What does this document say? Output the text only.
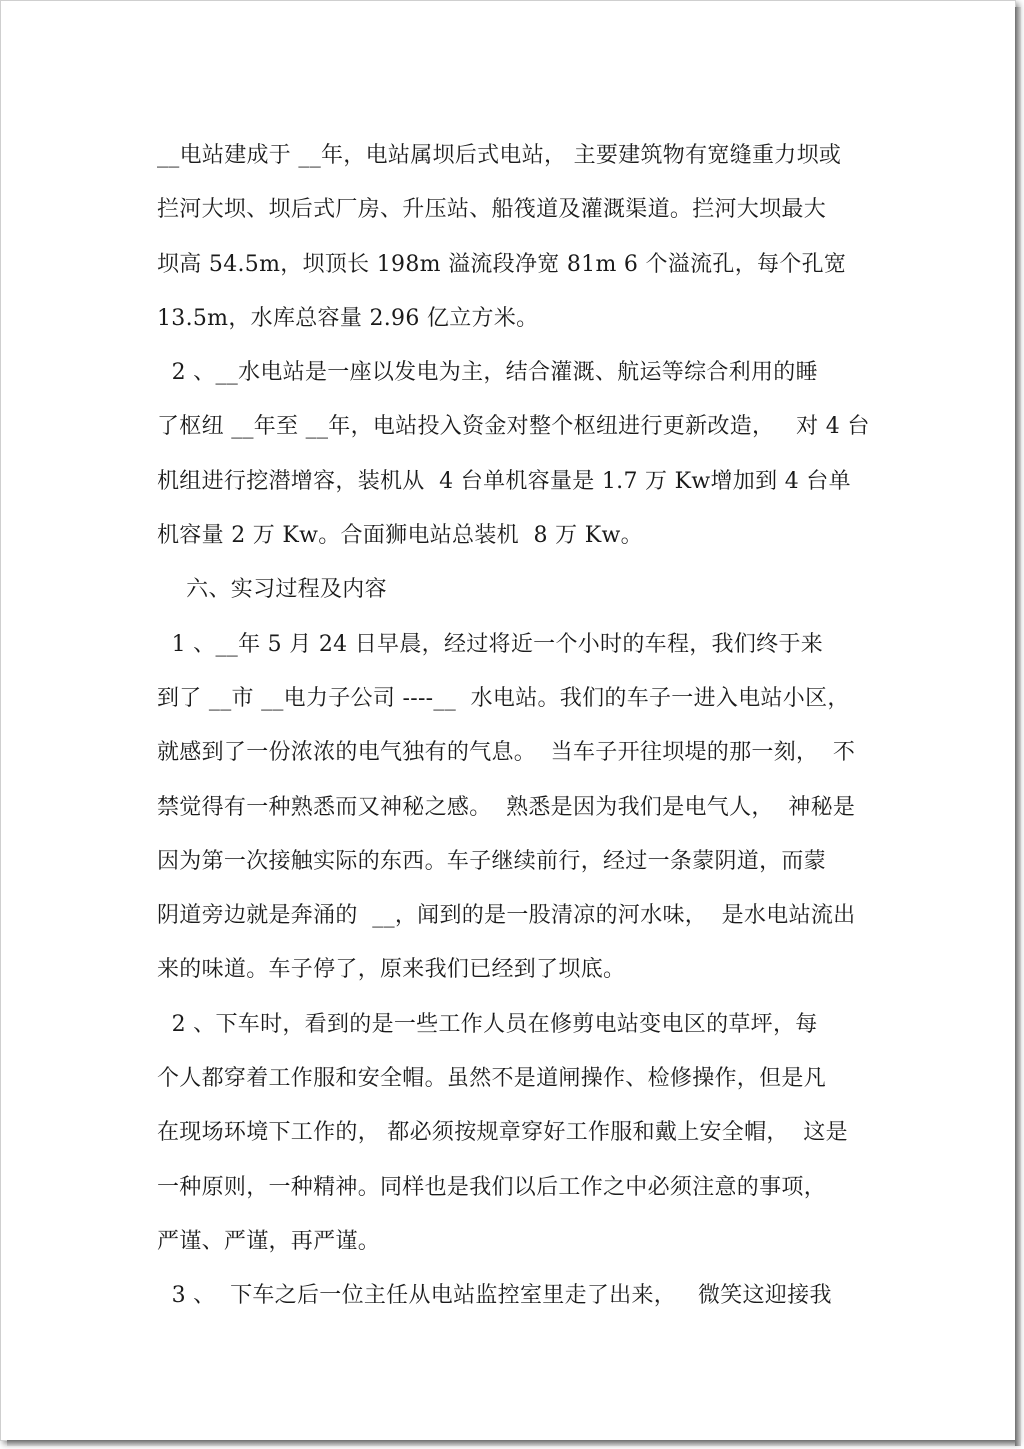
__电站建成于 __年，电站属坝后式电站， 主要建筑物有宽缝重力坝或
拦河大坝、坝后式厂房、升压站、船筏道及灌溉渠道。拦河大坝最大
坝高 54.5m，坝顶长 198m 溢流段净宽 81m 6 个溢流孔，每个孔宽
13.5m，水库总容量 2.96 亿立方米。
2 、__水电站是一座以发电为主，结合灌溉、航运等综合利用的睡
了枢纽 __年至 __年，电站投入资金对整个枢纽进行更新改造，   对 4 台
机组进行挖潜增容，装机从  4 台单机容量是 1.7 万 Kw增加到 4 台单
机容量 2 万 Kw。合面狮电站总装机  8 万 Kw。
六、实习过程及内容
1 、__年 5 月 24 日早晨，经过将近一个小时的车程，我们终于来
到了 __市 __电力子公司 ----__  水电站。我们的车子一进入电站小区，
就感到了一份浓浓的电气独有的气息。  当车子开往坝堤的那一刻，  不
禁觉得有一种熟悉而又神秘之感。  熟悉是因为我们是电气人，  神秘是
因为第一次接触实际的东西。车子继续前行，经过一条蒙阴道，而蒙
阴道旁边就是奔涌的  __，闻到的是一股清凉的河水味，  是水电站流出
来的味道。车子停了，原来我们已经到了坝底。
2 、下车时，看到的是一些工作人员在修剪电站变电区的草坪，每
个人都穿着工作服和安全帽。虽然不是道闸操作、检修操作，但是凡
在现场环境下工作的， 都必须按规章穿好工作服和戴上安全帽，  这是
一种原则，一种精神。同样也是我们以后工作之中必须注意的事项，
严谨、严谨，再严谨。
3 、  下车之后一位主任从电站监控室里走了出来，   微笑这迎接我
